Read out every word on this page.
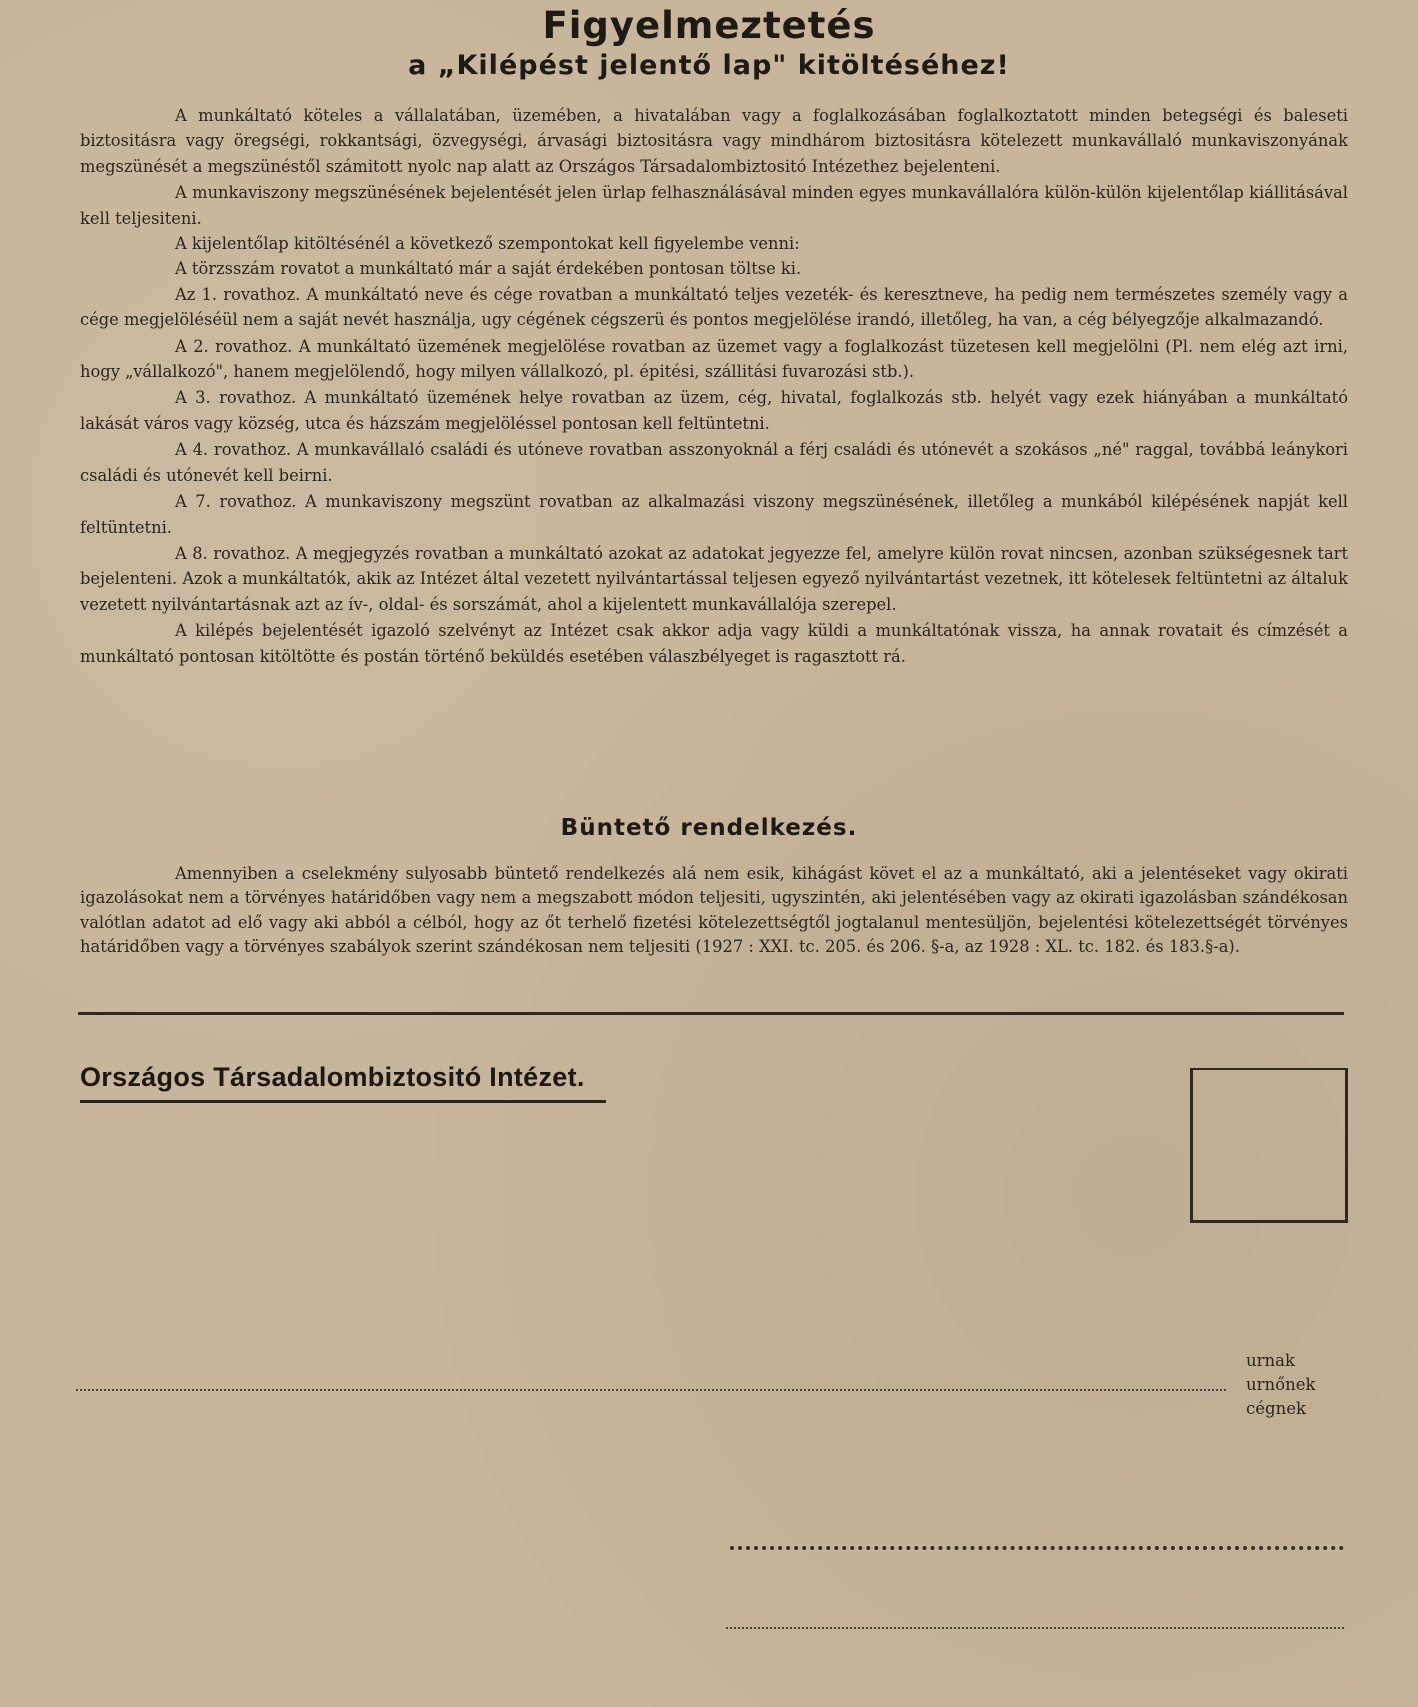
Figyelmeztetés
a „Kilépést jelentő lap" kitöltéséhez!

A munkáltató köteles a vállalatában, üzemében, a hivatalában vagy a foglalkozásában foglalkoztatott minden betegségi és baleseti biztositásra vagy öregségi, rokkantsági, özvegységi, árvasági biztositásra vagy mindhárom biztositásra kötelezett munkavállaló munkaviszonyának megszünését a megszünéstől számitott nyolc nap alatt az Országos Társadalombiztositó Intézethez bejelenteni.

A munkaviszony megszünésének bejelentését jelen ürlap felhasználásával minden egyes munkavállalóra külön-külön kijelentőlap kiállitásával kell teljesiteni.

A kijelentőlap kitöltésénél a következő szempontokat kell figyelembe venni:

A törzsszám rovatot a munkáltató már a saját érdekében pontosan töltse ki.

Az 1. rovathoz. A munkáltató neve és cége rovatban a munkáltató teljes vezeték- és keresztneve, ha pedig nem természetes személy vagy a cége megjelöléséül nem a saját nevét használja, ugy cégének cégszerü és pontos megjelölése irandó, illetőleg, ha van, a cég bélyegzője alkalmazandó.

A 2. rovathoz. A munkáltató üzemének megjelölése rovatban az üzemet vagy a foglalkozást tüzetesen kell megjelölni (Pl. nem elég azt irni, hogy „vállalkozó", hanem megjelölendő, hogy milyen vállalkozó, pl. épitési, szállitási fuvarozási stb.).

A 3. rovathoz. A munkáltató üzemének helye rovatban az üzem, cég, hivatal, foglalkozás stb. helyét vagy ezek hiányában a munkáltató lakását város vagy község, utca és házszám megjelöléssel pontosan kell feltüntetni.

A 4. rovathoz. A munkavállaló családi és utóneve rovatban asszonyoknál a férj családi és utónevét a szokásos „né" raggal, továbbá leánykori családi és utónevét kell beirni.

A 7. rovathoz. A munkaviszony megszünt rovatban az alkalmazási viszony megszünésének, illetőleg a munkából kilépésének napját kell feltüntetni.

A 8. rovathoz. A megjegyzés rovatban a munkáltató azokat az adatokat jegyezze fel, amelyre külön rovat nincsen, azonban szükségesnek tart bejelenteni. Azok a munkáltatók, akik az Intézet által vezetett nyilvántartással teljesen egyező nyilvántartást vezetnek, itt kötelesek feltüntetni az általuk vezetett nyilvántartásnak azt az ív-, oldal- és sorszámát, ahol a kijelentett munkavállalója szerepel.

A kilépés bejelentését igazoló szelvényt az Intézet csak akkor adja vagy küldi a munkáltatónak vissza, ha annak rovatait és címzését a munkáltató pontosan kitöltötte és postán történő beküldés esetében válaszbélyeget is ragasztott rá.

Büntető rendelkezés.

Amennyiben a cselekmény sulyosabb büntető rendelkezés alá nem esik, kihágást követ el az a munkáltató, aki a jelentéseket vagy okirati igazolásokat nem a törvényes határidőben vagy nem a megszabott módon teljesiti, ugyszintén, aki jelentésében vagy az okirati igazolásban szándékosan valótlan adatot ad elő vagy aki abból a célból, hogy az őt terhelő fizetési kötelezettségtől jogtalanul mentesüljön, bejelentési kötelezettségét törvényes határidőben vagy a törvényes szabályok szerint szándékosan nem teljesiti (1927 : XXI. tc. 205. és 206. §-a, az 1928 : XL. tc. 182. és 183.§-a).

Országos Társadalombiztositó Intézet.
urnak
urnőnek
cégnek
